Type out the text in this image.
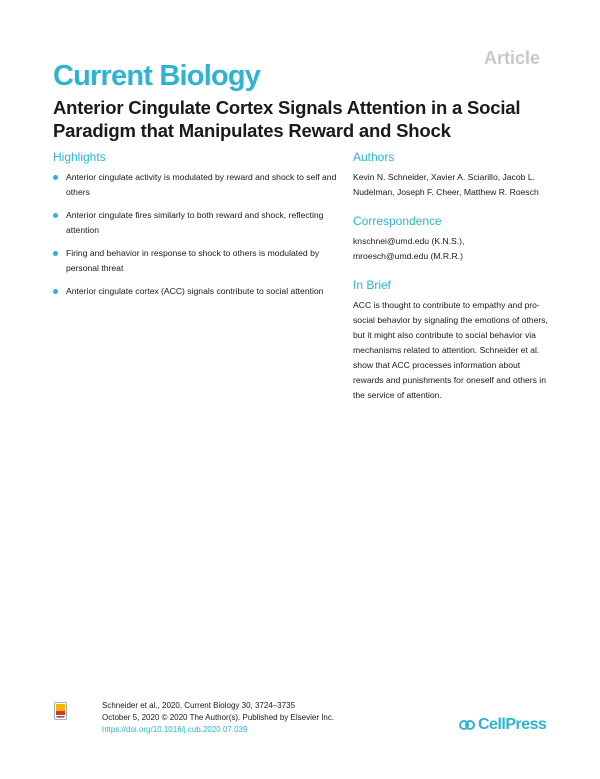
Article
Current Biology
Anterior Cingulate Cortex Signals Attention in a Social Paradigm that Manipulates Reward and Shock
Highlights
Anterior cingulate activity is modulated by reward and shock to self and others
Anterior cingulate fires similarly to both reward and shock, reflecting attention
Firing and behavior in response to shock to others is modulated by personal threat
Anterior cingulate cortex (ACC) signals contribute to social attention
Authors

Kevin N. Schneider, Xavier A. Sciarillo, Jacob L. Nudelman, Joseph F. Cheer, Matthew R. Roesch

Correspondence

knschnei@umd.edu (K.N.S.),
mroesch@umd.edu (M.R.R.)

In Brief

ACC is thought to contribute to empathy and pro-social behavior by signaling the emotions of others, but it might also contribute to social behavior via mechanisms related to attention. Schneider et al. show that ACC processes information about rewards and punishments for oneself and others in the service of attention.

Schneider et al., 2020, Current Biology 30, 3724–3735
October 5, 2020 © 2020 The Author(s). Published by Elsevier Inc.
https://doi.org/10.1016/j.cub.2020.07.039	CellPress
